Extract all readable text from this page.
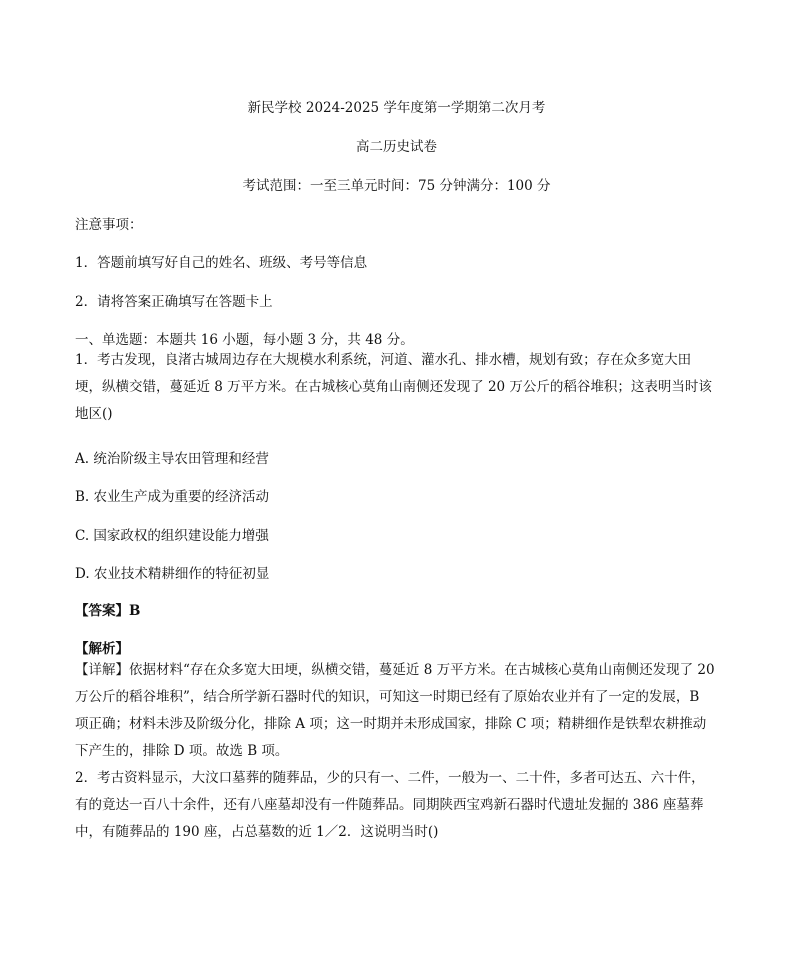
新民学校 2024-2025 学年度第一学期第二次月考
高二历史试卷
考试范围：一至三单元时间：75 分钟满分：100 分
注意事项：
1．答题前填写好自己的姓名、班级、考号等信息
2．请将答案正确填写在答题卡上
一、单选题：本题共 16 小题，每小题 3 分，共 48 分。
1．考古发现，良渚古城周边存在大规模水利系统，河道、灌水孔、排水槽，规划有致；存在众多宽大田埂，纵横交错，蔓延近 8 万平方米。在古城核心莫角山南侧还发现了 20 万公斤的稻谷堆积；这表明当时该地区()
A. 统治阶级主导农田管理和经营
B. 农业生产成为重要的经济活动
C. 国家政权的组织建设能力增强
D. 农业技术精耕细作的特征初显
【答案】B
【解析】
【详解】依据材料“存在众多宽大田埂，纵横交错，蔓延近 8 万平方米。在古城核心莫角山南侧还发现了 20 万公斤的稻谷堆积”，结合所学新石器时代的知识，可知这一时期已经有了原始农业并有了一定的发展，B 项正确；材料未涉及阶级分化，排除 A 项；这一时期并未形成国家，排除 C 项；精耕细作是铁犁农耕推动下产生的，排除 D 项。故选 B 项。
2．考古资料显示，大汶口墓葬的随葬品，少的只有一、二件，一般为一、二十件，多者可达五、六十件，有的竟达一百八十余件，还有八座墓却没有一件随葬品。同期陕西宝鸡新石器时代遗址发掘的 386 座墓葬中，有随葬品的 190 座，占总墓数的近 1／2．这说明当时()
